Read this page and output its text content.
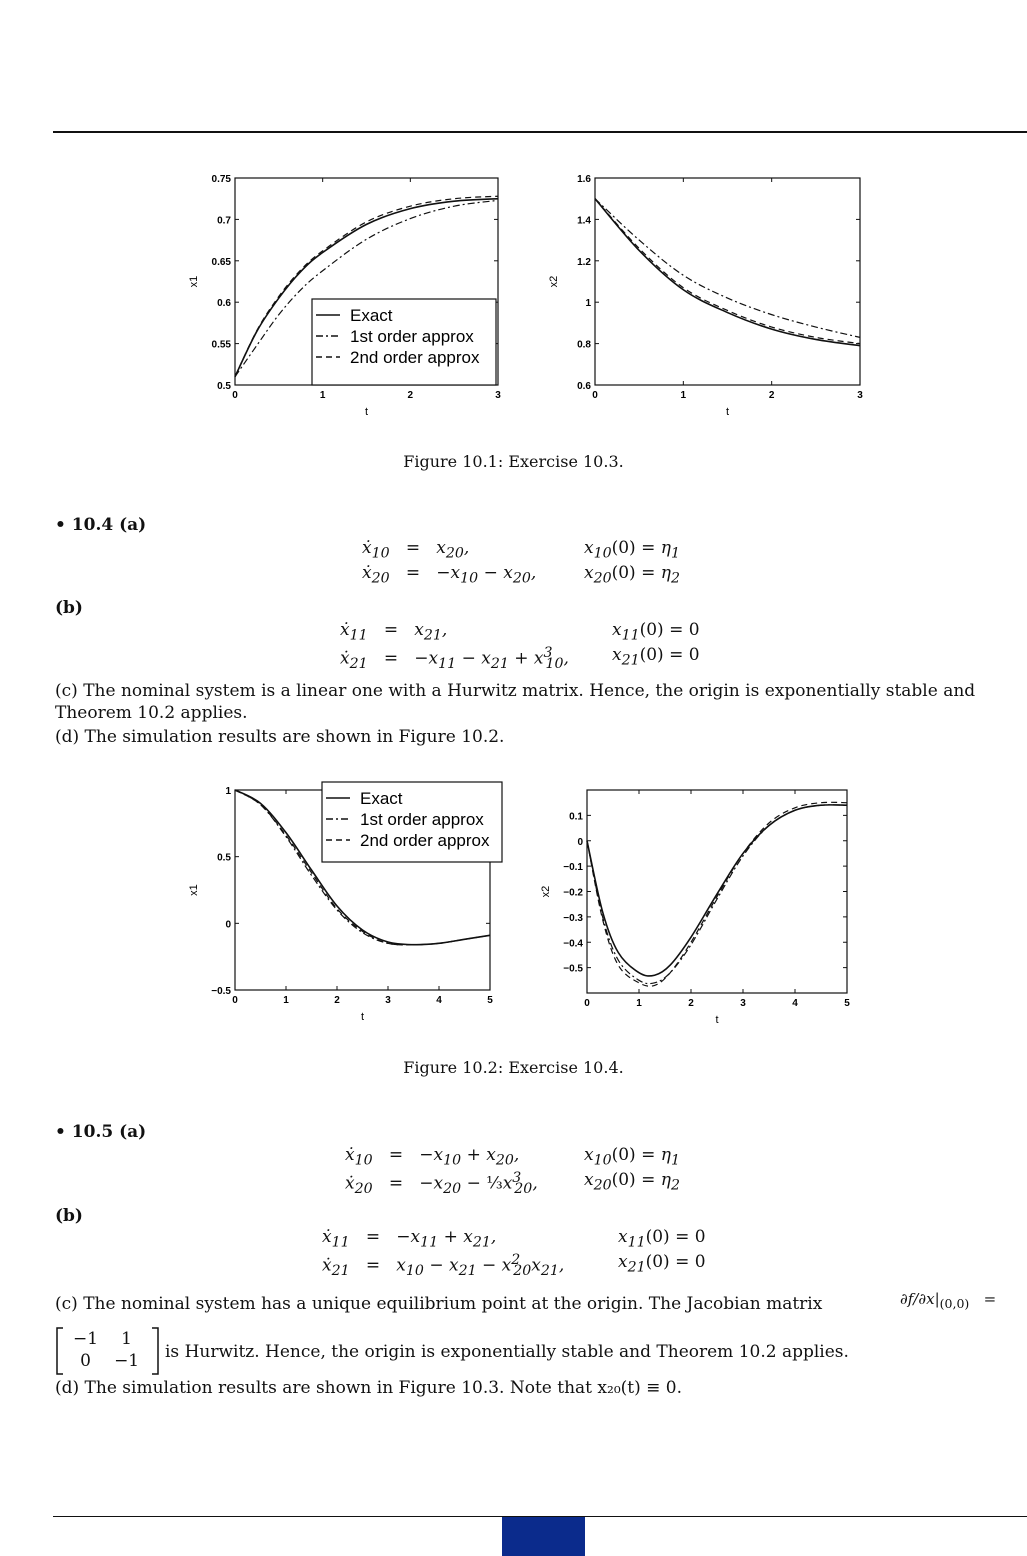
0.75
0.7
0.65
0.6
0.55
0.5
0	1	2	3
t
x1
Exact
1st order approx
2nd order approx
1.6
1.4
1.2
1
0.8
0.6
0	1	2	3
t
x2
Figure 10.1: Exercise 10.3.
• 10.4 (a)
ẋ$_{10}$ =   $x_{20}$,	$x_{10}(0) = \eta_1$
ẋ$_{20}$ = $-x_{10} - x_{20}$,	$x_{20}(0) = \eta_2$
(b)
ẋ$_{11}$ =   $x_{21}$,	$x_{11}(0) = 0$
ẋ$_{21}$ = $-x_{11} - x_{21} + x^3_{10}$,	$x_{21}(0) = 0$
(c) The nominal system is a linear one with a Hurwitz matrix. Hence, the origin is exponentially stable and Theorem 10.2 applies.
(d) The simulation results are shown in Figure 10.2.
1
0.5
0
−0.5
0	1	2	3	4	5
t
x1
Exact
1st order approx
2nd order approx
0.1
0
−0.1
−0.2
−0.3
−0.4
−0.5
0	1	2	3	4	5
t
x2
Figure 10.2: Exercise 10.4.
• 10.5 (a)
ẋ$_{10}$ = $-x_{10} + x_{20}$,	$x_{10}(0) = \eta_1$
ẋ$_{20}$ = $-x_{20}$ − $\frac{1}{3}x^3_{20}$,	$x_{20}(0) = \eta_2$
(b)
ẋ$_{11}$ = $-x_{11} + x_{21}$,	$x_{11}(0) = 0$
ẋ$_{21}$ =   $x_{10} - x_{21} - x^2_{20}x_{21}$,	$x_{21}(0) = 0$
(c) The nominal system has a unique equilibrium point at the origin. The Jacobian matrix	$\partial f/\partial x|_{(0,0)}$ =
−1	1
0	−1 is Hurwitz. Hence, the origin is exponentially stable and Theorem 10.2 applies.
(d) The simulation results are shown in Figure 10.3. Note that x₂₀(t) ≡ 0.
